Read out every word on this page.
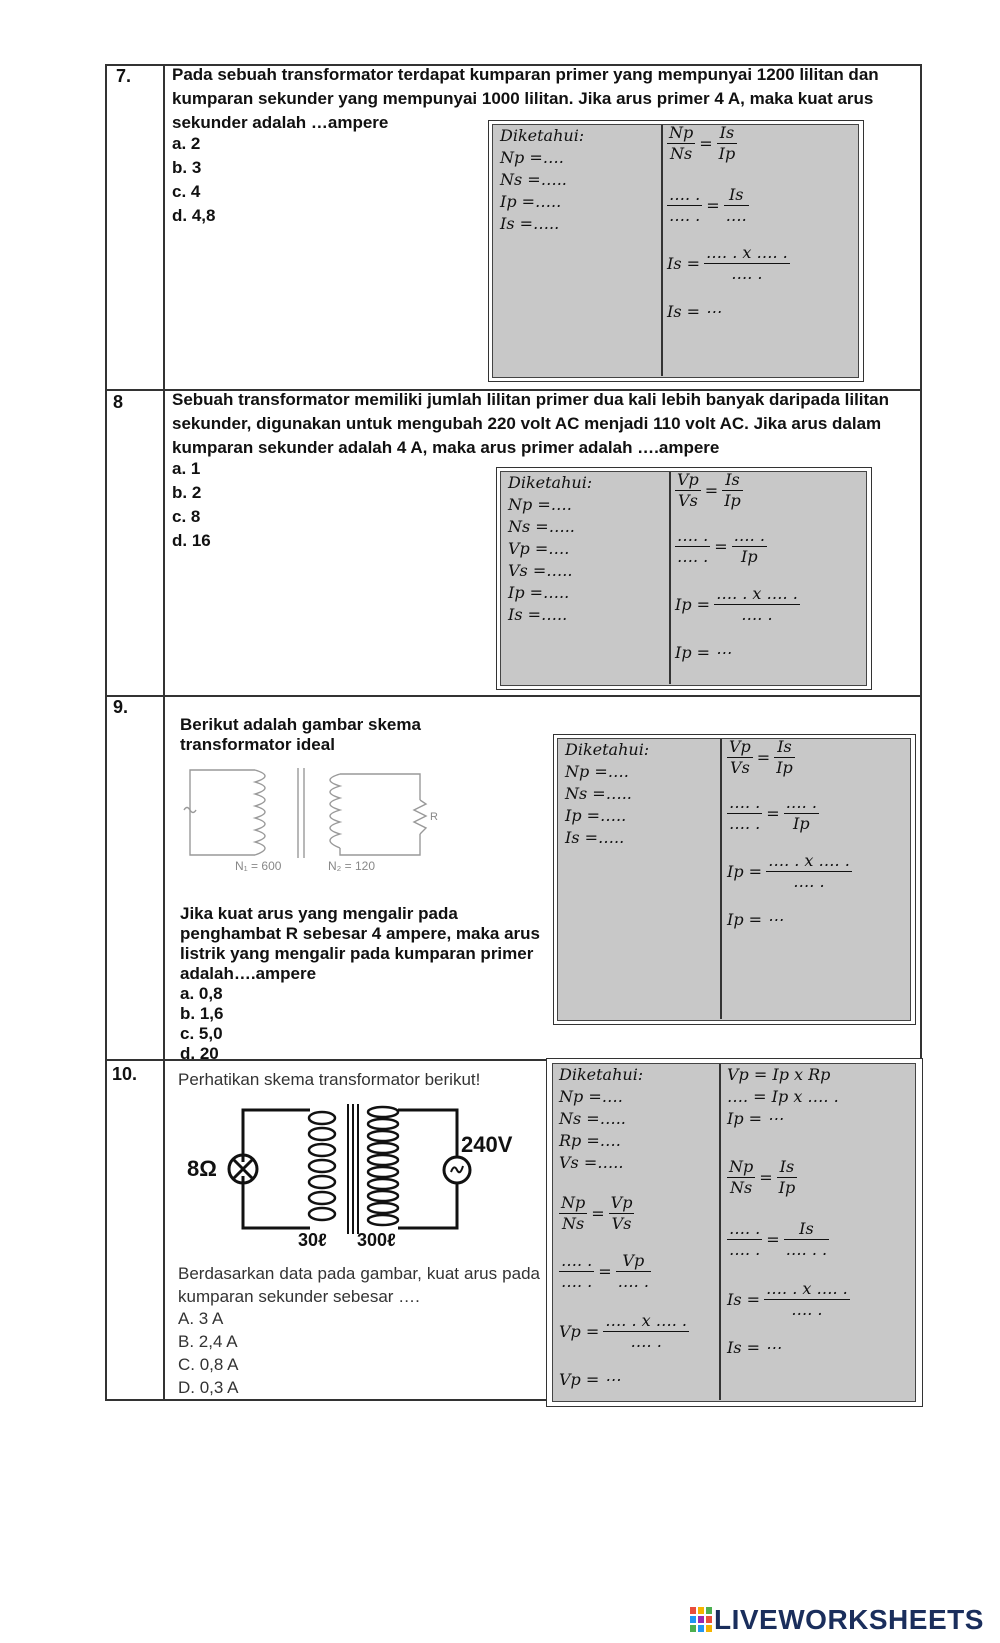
7. Pada sebuah transformator terdapat kumparan primer yang mempunyai 1200 lilitan dan kumparan sekunder yang mempunyai 1000 lilitan. Jika arus primer 4 A, maka kuat arus sekunder adalah …ampere
a. 2
b. 3
c. 4
d. 4,8
Diketahui:
Np =….
Ns =…..
Ip =…..
Is =…..
$\frac{Np}{Ns} = \frac{Is}{Ip}$
$\frac{\dots. .}{\dots. .} = \frac{Is}{\dots.}$
$Is = \frac{\dots. . x \dots. .}{\dots. .}$
Is = ⋯
8	Sebuah transformator memiliki jumlah lilitan primer dua kali lebih banyak daripada lilitan sekunder, digunakan untuk mengubah 220 volt AC menjadi 110 volt AC. Jika arus dalam kumparan sekunder adalah 4 A, maka arus primer adalah ….ampere
a. 1
b. 2
c. 8
d. 16
Diketahui:
Np =….
Ns =…..
Vp =….
Vs =…..
Ip =…..
Is =…..
$\frac{Vp}{Vs} = \frac{Is}{Ip}$
$\frac{\dots. .}{\dots. .} = \frac{\dots. .}{Ip}$
$Ip = \frac{\dots. . x \dots. .}{\dots. .}$
Ip = ⋯
9.
Berikut adalah gambar skema transformator ideal
R
N₁ = 600	N₂ = 120
Jika kuat arus yang mengalir pada penghambat R sebesar 4 ampere, maka arus listrik yang mengalir pada kumparan primer adalah….ampere
a. 0,8
b. 1,6
c. 5,0
d. 20
Diketahui:
Np =….
Ns =…..
Ip =…..
Is =…..
$\frac{Vp}{Vs} = \frac{Is}{Ip}$
$\frac{\dots. .}{\dots. .} = \frac{\dots. .}{Ip}$
$Ip = \frac{\dots. . x \dots. .}{\dots. .}$
Ip = ⋯
10. Perhatikan skema transformator berikut!
8Ω
240V
30ℓ 300ℓ
Berdasarkan data pada gambar, kuat arus pada kumparan sekunder sebesar ….
A. 3 A
B. 2,4 A
C. 0,8 A
D. 0,3 A
Diketahui:
Np =….
Ns =…..
Rp =….
Vs =…..
$\frac{Np}{Ns} = \frac{Vp}{Vs}$
$\frac{\dots. .}{\dots. .} = \frac{Vp}{\dots. .}$
$Vp = \frac{\dots. . x \dots. .}{\dots. .}$
Vp = ⋯
Vp = Ip x Rp
…. = Ip x …. .
Ip = ⋯
$\frac{Np}{Ns} = \frac{Is}{Ip}$
$\frac{\dots. .}{\dots. .} = \frac{Is}{\dots. . .}$
$Is = \frac{\dots. . x \dots. .}{\dots. .}$
Is = ⋯
LIVEWORKSHEETS
